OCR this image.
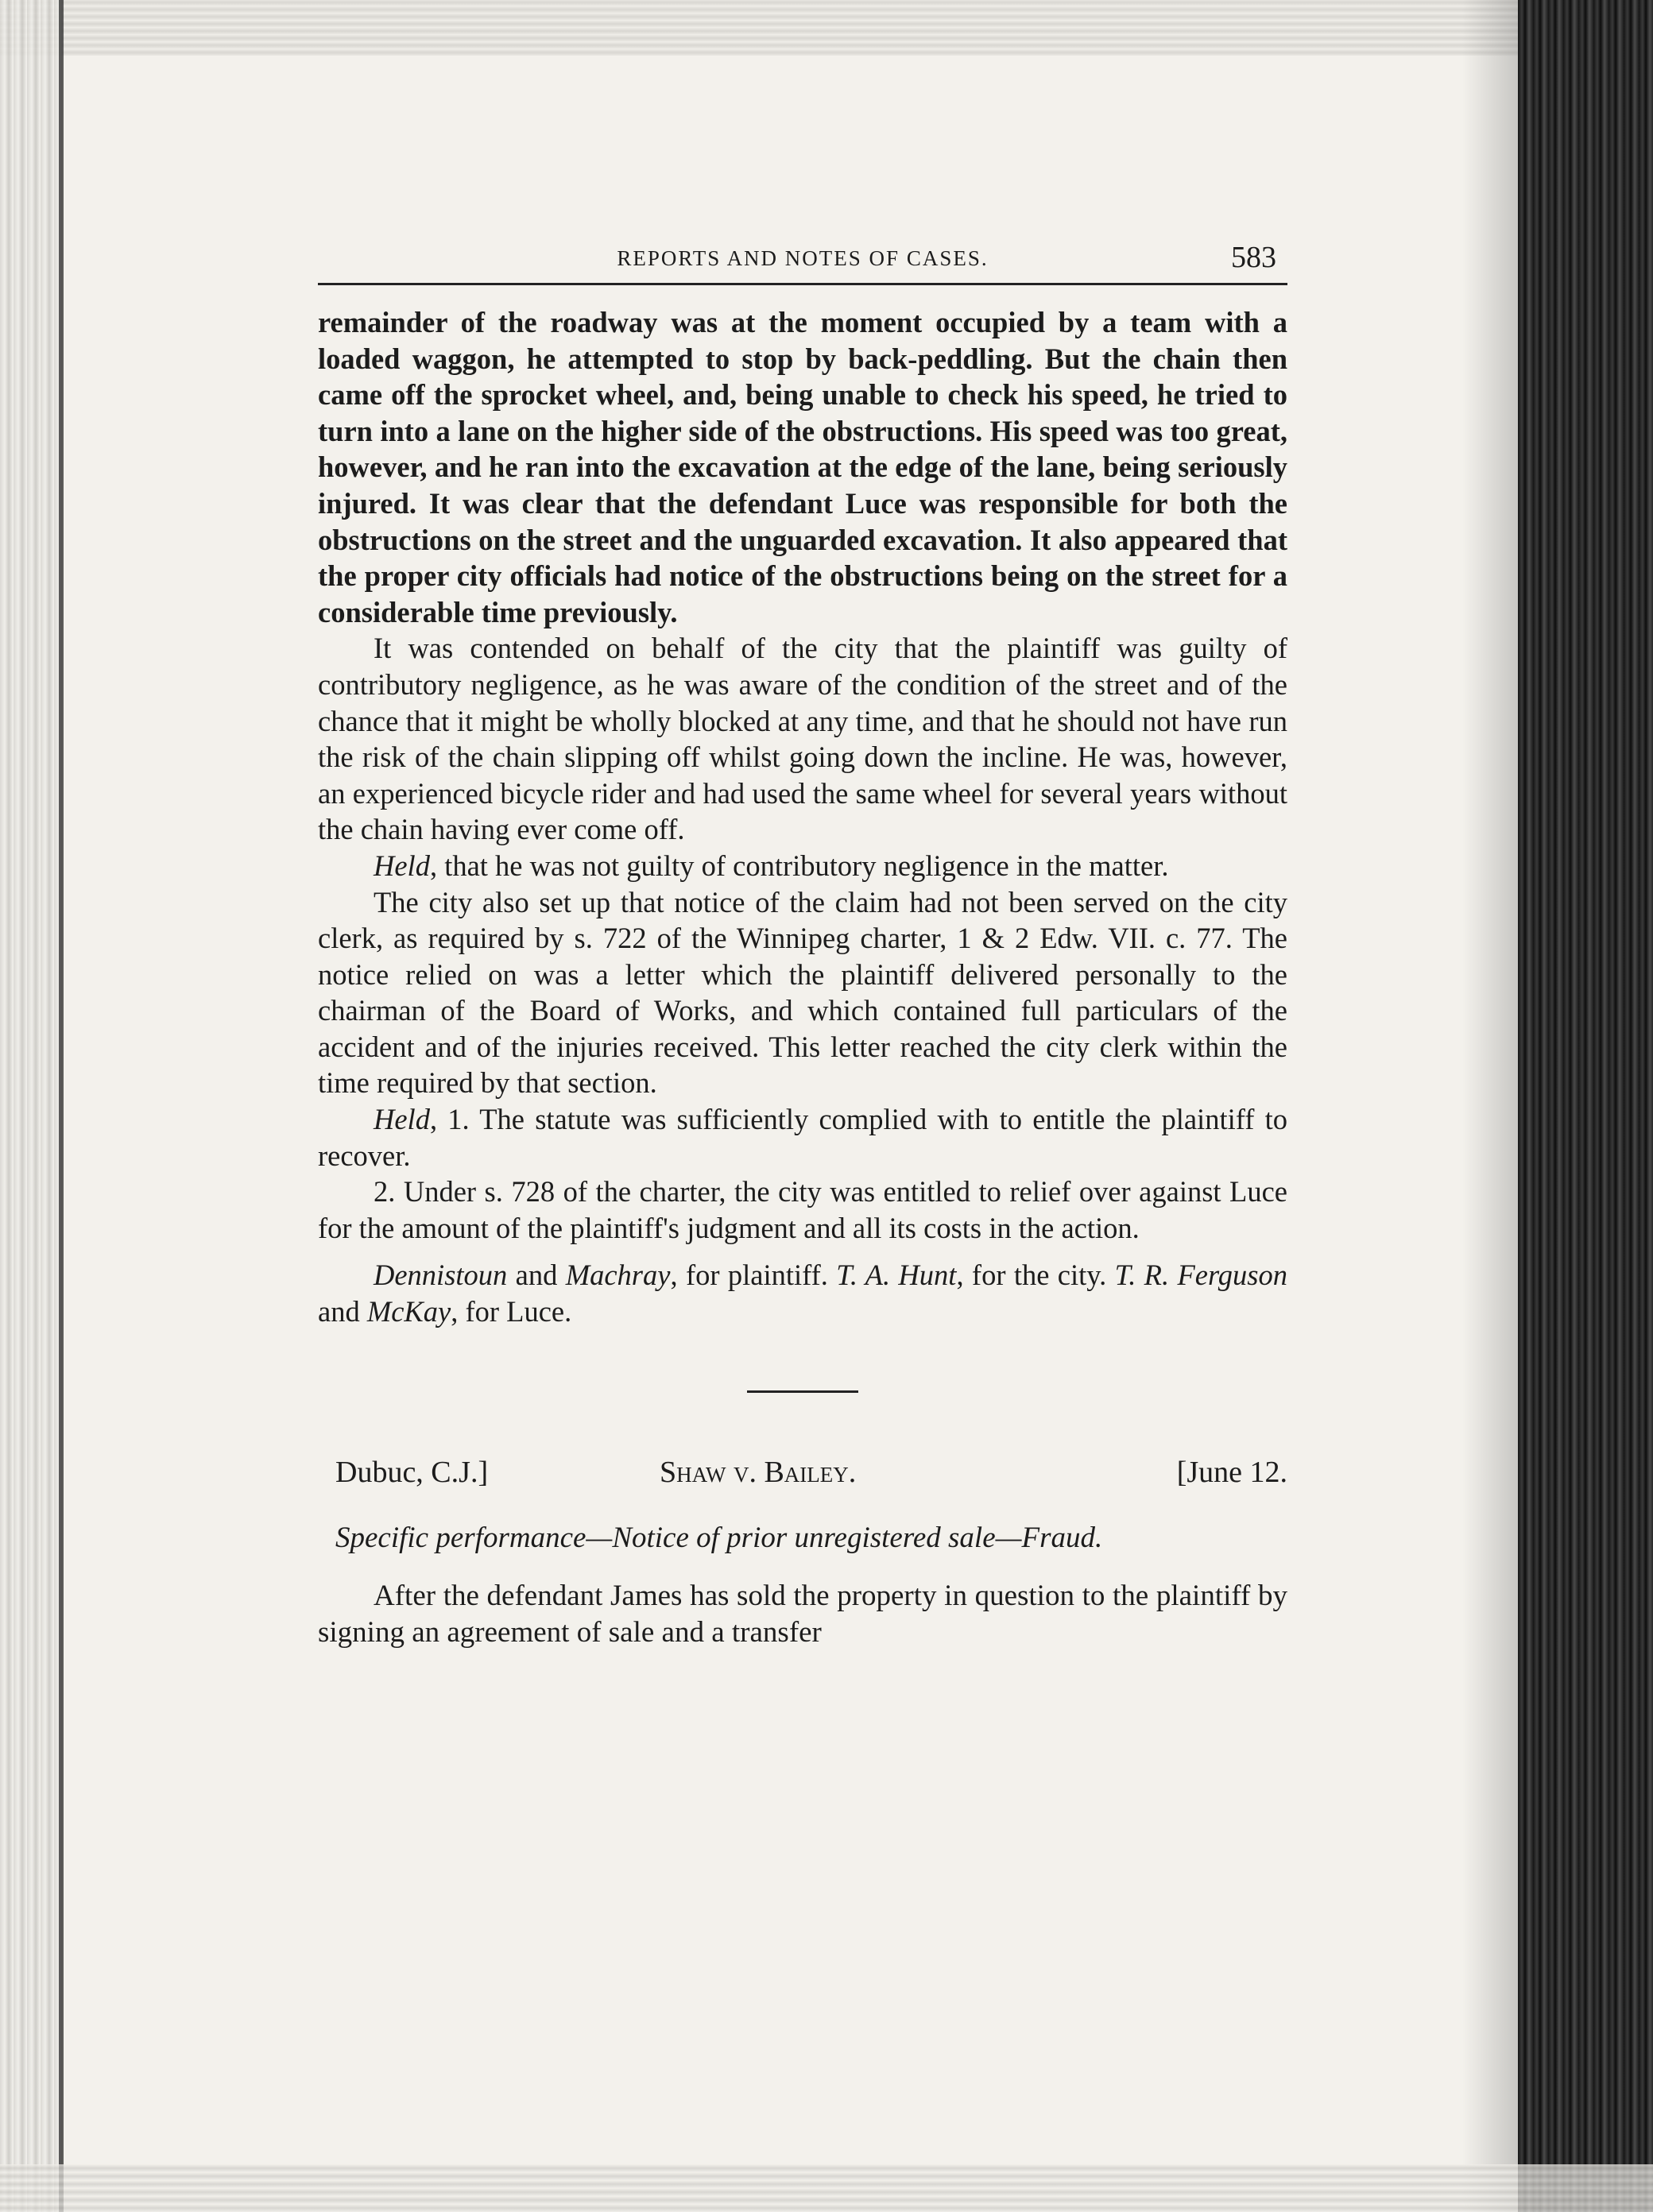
REPORTS AND NOTES OF CASES.	583

remainder of the roadway was at the moment occupied by a team with a loaded waggon, he attempted to stop by back-peddling. But the chain then came off the sprocket wheel, and, being unable to check his speed, he tried to turn into a lane on the higher side of the obstructions. His speed was too great, however, and he ran into the excavation at the edge of the lane, being seriously injured. It was clear that the defendant Luce was responsible for both the obstructions on the street and the unguarded excavation. It also appeared that the proper city officials had notice of the obstructions being on the street for a considerable time previously.

It was contended on behalf of the city that the plaintiff was guilty of contributory negligence, as he was aware of the condition of the street and of the chance that it might be wholly blocked at any time, and that he should not have run the risk of the chain slipping off whilst going down the incline. He was, however, an experienced bicycle rider and had used the same wheel for several years without the chain having ever come off.

Held, that he was not guilty of contributory negligence in the matter.

The city also set up that notice of the claim had not been served on the city clerk, as required by s. 722 of the Winnipeg charter, 1 & 2 Edw. VII. c. 77. The notice relied on was a letter which the plaintiff delivered personally to the chairman of the Board of Works, and which contained full particulars of the accident and of the injuries received. This letter reached the city clerk within the time required by that section.

Held, 1. The statute was sufficiently complied with to entitle the plaintiff to recover.

2. Under s. 728 of the charter, the city was entitled to relief over against Luce for the amount of the plaintiff's judgment and all its costs in the action.

Dennistoun and Machray, for plaintiff. T. A. Hunt, for the city. T. R. Ferguson and McKay, for Luce.

Dubuc, C.J.]	Shaw v. Bailey.	[June 12.
Specific performance—Notice of prior unregistered sale—Fraud.

After the defendant James has sold the property in question to the plaintiff by signing an agreement of sale and a transfer
